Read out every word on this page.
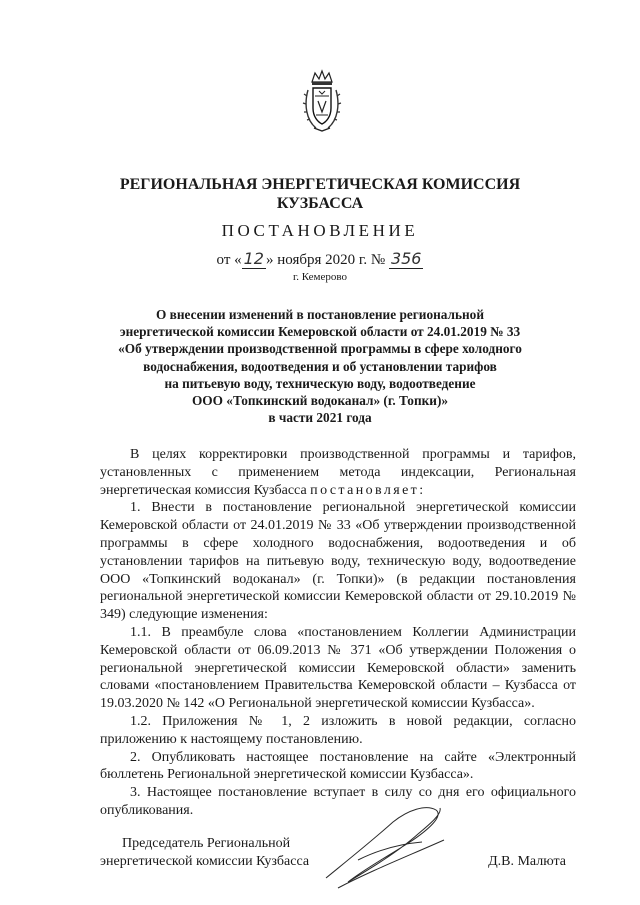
РЕГИОНАЛЬНАЯ ЭНЕРГЕТИЧЕСКАЯ КОМИССИЯ
КУЗБАССА
ПОСТАНОВЛЕНИЕ
от « 12 » ноября 2020 г. № 356
г. Кемерово
О внесении изменений в постановление региональной
энергетической комиссии Кемеровской области от 24.01.2019 № 33
«Об утверждении производственной программы в сфере холодного
водоснабжения, водоотведения и об установлении тарифов
на питьевую воду, техническую воду, водоотведение
ООО «Топкинский водоканал» (г. Топки)»
в части 2021 года

В целях корректировки производственной программы и тарифов, установленных с применением метода индексации, Региональная энергетическая комиссия Кузбасса постановляет:

1. Внести в постановление региональной энергетической комиссии Кемеровской области от 24.01.2019 № 33 «Об утверждении производственной программы в сфере холодного водоснабжения, водоотведения и об установлении тарифов на питьевую воду, техническую воду, водоотведение ООО «Топкинский водоканал» (г. Топки)» (в редакции постановления региональной энергетической комиссии Кемеровской области от 29.10.2019 № 349) следующие изменения:

1.1. В преамбуле слова «постановлением Коллегии Администрации Кемеровской области от 06.09.2013 № 371 «Об утверждении Положения о региональной энергетической комиссии Кемеровской области» заменить словами «постановлением Правительства Кемеровской области – Кузбасса от 19.03.2020 № 142 «О Региональной энергетической комиссии Кузбасса».

1.2. Приложения № 1, 2 изложить в новой редакции, согласно приложению к настоящему постановлению.

2. Опубликовать настоящее постановление на сайте «Электронный бюллетень Региональной энергетической комиссии Кузбасса».

3. Настоящее постановление вступает в силу со дня его официального опубликования.

Председатель Региональной
энергетической комиссии Кузбасса	Д.В. Малюта
